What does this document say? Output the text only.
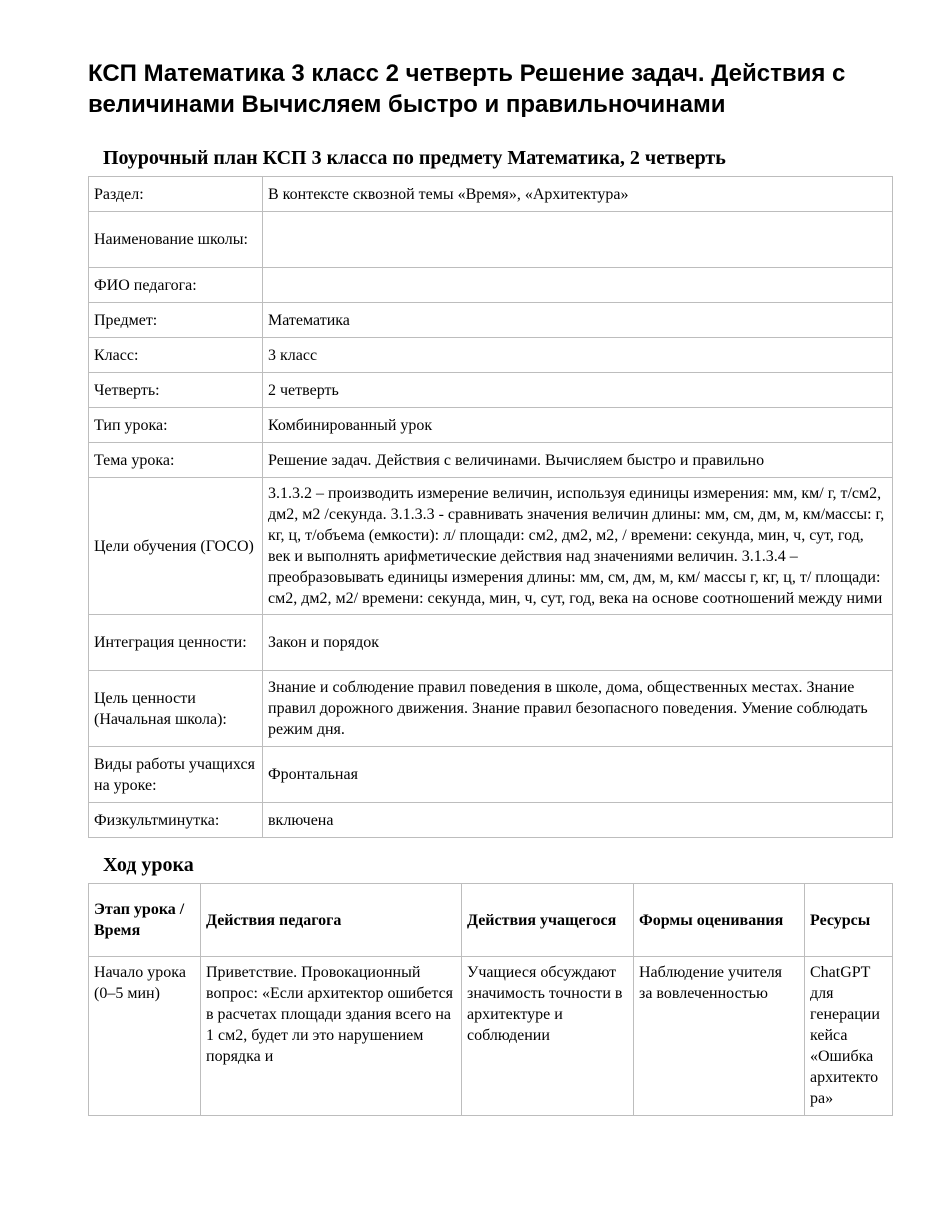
КСП Математика 3 класс 2 четверть Решение задач. Действия с величинами Вычисляем быстро и правильночинами
Поурочный план КСП 3 класса по предмету Математика, 2 четверть
Раздел:	В контексте сквозной темы «Время», «Архитектура»
Наименование школы:	
ФИО педагога:	
Предмет:	Математика
Класс:	3 класс
Четверть:	2 четверть
Тип урока:	Комбинированный урок
Тема урока:	Решение задач. Действия с величинами. Вычисляем быстро и правильно
Цели обучения (ГОСО)	3.1.3.2 – производить измерение величин, используя единицы измерения: мм, км/ г, т/см2, дм2, м2 /секунда. 3.1.3.3 - сравнивать значения величин длины: мм, см, дм, м, км/массы: г, кг, ц, т/объема (емкости): л/ площади: см2, дм2, м2, / времени: секунда, мин, ч, сут, год, век и выполнять арифметические действия над значениями величин. 3.1.3.4 – преобразовывать единицы измерения длины: мм, см, дм, м, км/ массы г, кг, ц, т/ площади: см2, дм2, м2/ времени: секунда, мин, ч, сут, год, века на основе соотношений между ними
Интеграция ценности:	Закон и порядок
Цель ценности (Начальная школа):	Знание и соблюдение правил поведения в школе, дома, общественных местах. Знание правил дорожного движения. Знание правил безопасного поведения. Умение соблюдать режим дня.
Виды работы учащихся на уроке:	Фронтальная
Физкультминутка:	включена
Ход урока
Этап урока / Время	Действия педагога	Действия учащегося	Формы оценивания	Ресурсы
Начало урока (0–5 мин)	Приветствие. Провокационный вопрос: «Если архитектор ошибется в расчетах площади здания всего на 1 см2, будет ли это нарушением порядка и	Учащиеся обсуждают значимость точности в архитектуре и соблюдении	Наблюдение учителя за вовлеченностью	ChatGPT для генерации кейса «Ошибка архитектора»
